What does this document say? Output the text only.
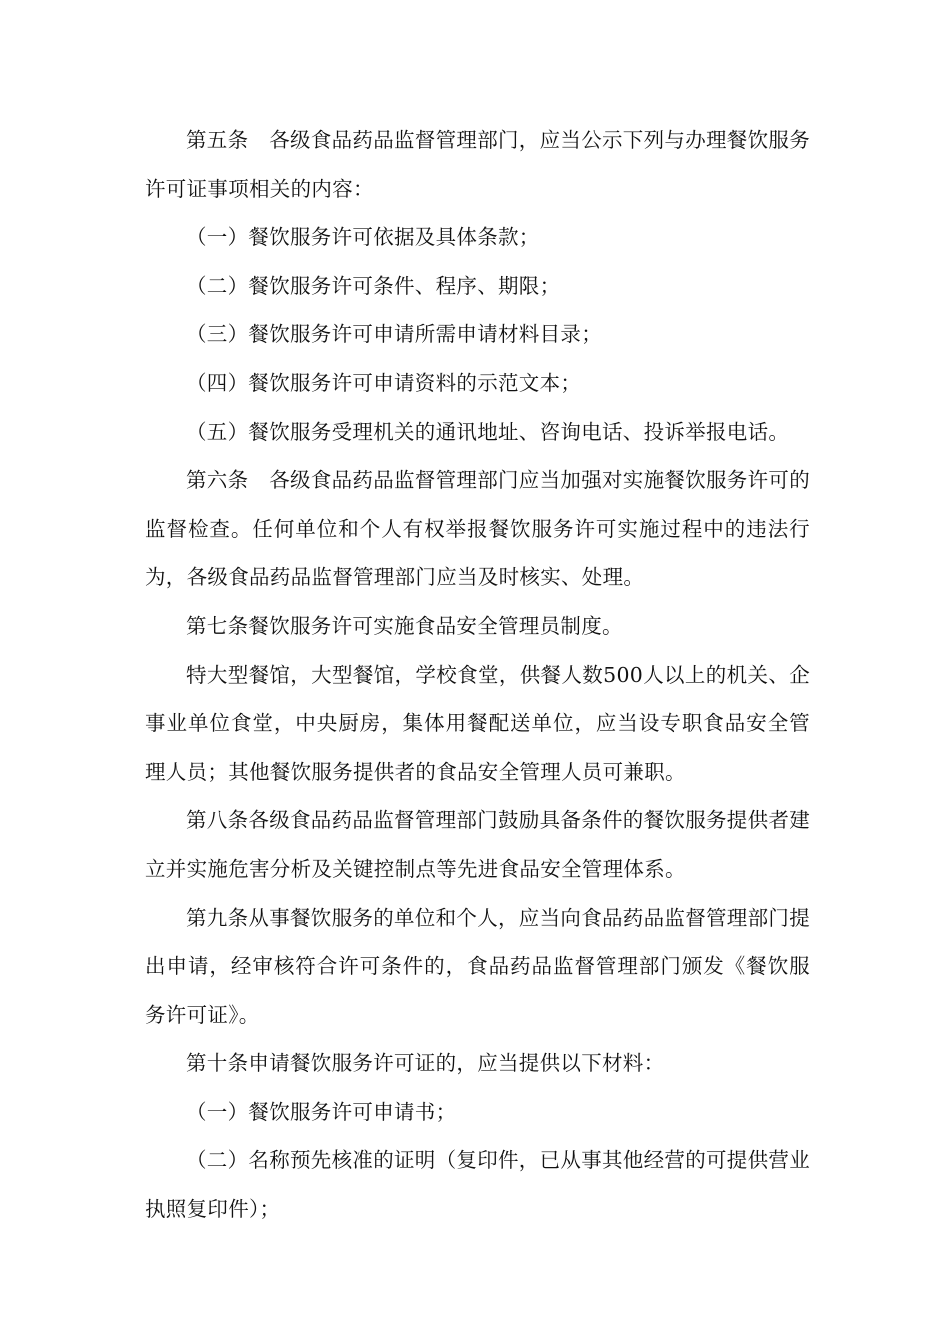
第五条　各级食品药品监督管理部门，应当公示下列与办理餐饮服务许可证事项相关的内容：

（一）餐饮服务许可依据及具体条款；

（二）餐饮服务许可条件、程序、期限；

（三）餐饮服务许可申请所需申请材料目录；

（四）餐饮服务许可申请资料的示范文本；

（五）餐饮服务受理机关的通讯地址、咨询电话、投诉举报电话。

第六条　各级食品药品监督管理部门应当加强对实施餐饮服务许可的监督检查。任何单位和个人有权举报餐饮服务许可实施过程中的违法行为，各级食品药品监督管理部门应当及时核实、处理。

第七条餐饮服务许可实施食品安全管理员制度。

特大型餐馆，大型餐馆，学校食堂，供餐人数500人以上的机关、企事业单位食堂，中央厨房，集体用餐配送单位，应当设专职食品安全管理人员；其他餐饮服务提供者的食品安全管理人员可兼职。

第八条各级食品药品监督管理部门鼓励具备条件的餐饮服务提供者建立并实施危害分析及关键控制点等先进食品安全管理体系。

第九条从事餐饮服务的单位和个人，应当向食品药品监督管理部门提出申请，经审核符合许可条件的，食品药品监督管理部门颁发《餐饮服务许可证》。

第十条申请餐饮服务许可证的，应当提供以下材料：

（一）餐饮服务许可申请书；

（二）名称预先核准的证明（复印件，已从事其他经营的可提供营业执照复印件）；
